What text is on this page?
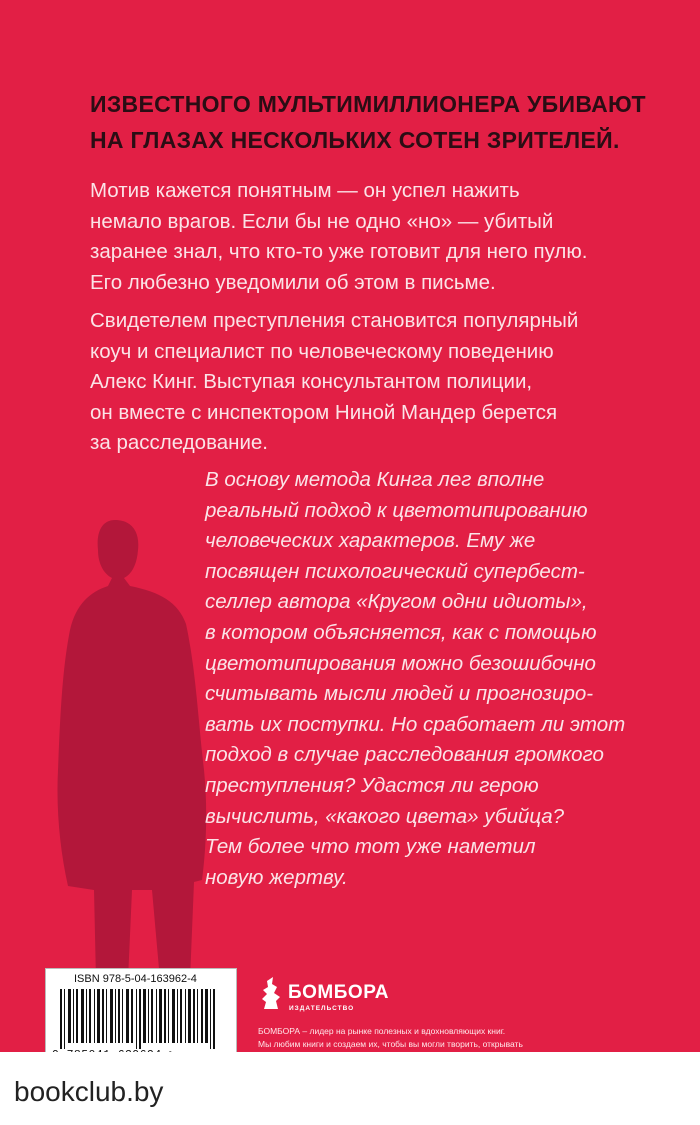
ИЗВЕСТНОГО МУЛЬТИМИЛЛИОНЕРА УБИВАЮТ
НА ГЛАЗАХ НЕСКОЛЬКИХ СОТЕН ЗРИТЕЛЕЙ.
Мотив кажется понятным — он успел нажить
немало врагов. Если бы не одно «но» — убитый
заранее знал, что кто-то уже готовит для него пулю.
Его любезно уведомили об этом в письме.
Свидетелем преступления становится популярный
коуч и специалист по человеческому поведению
Алекс Кинг. Выступая консультантом полиции,
он вместе с инспектором Ниной Мандер берется
за расследование.
ISBN 978-5-04-163962-4
БОМБОРА
ИЗДАТЕЛЬСТВО
БОМБОРА – лидер на рынке полезных и вдохновляющих книг.
Мы любим книги и создаем их, чтобы вы могли творить, открывать

В основу метода Кинга лег вполне
реальный подход к цветотипированию
человеческих характеров. Ему же
посвящен психологический супербест-
селлер автора «Кругом одни идиоты»,
в котором объясняется, как с помощью
цветотипирования можно безошибочно
считывать мысли людей и прогнозиро-
вать их поступки. Но сработает ли этот
подход в случае расследования громкого
преступления? Удастся ли герою
вычислить, «какого цвета» убийца?
Тем более что тот уже наметил
новую жертву.
bookclub.by
